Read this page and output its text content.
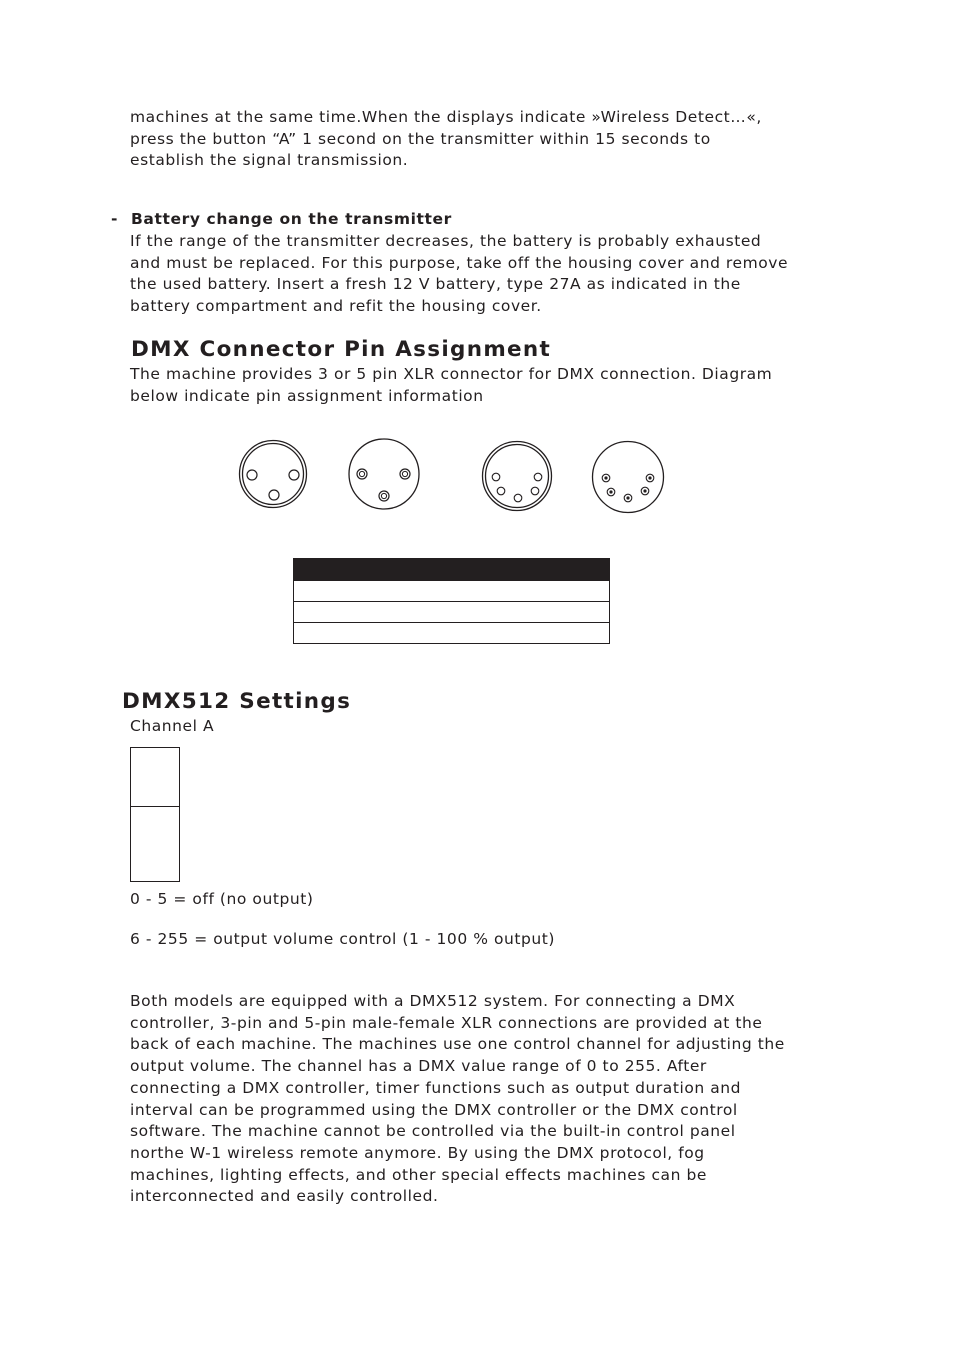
machines at the same time.When the displays indicate »Wireless Detect…«,
press the button “A” 1 second on the transmitter within 15 seconds to
establish the signal transmission.

- Battery change on the transmitter

If the range of the transmitter decreases, the battery is probably exhausted
and must be replaced. For this purpose, take off the housing cover and remove
the used battery. Insert a fresh 12 V battery, type 27A as indicated in the
battery compartment and refit the housing cover.

DMX Connector Pin Assignment

The machine provides 3 or 5 pin XLR connector for DMX connection. Diagram
below indicate pin assignment information

DMX512 Settings

Channel A

0 - 5 = off (no output)

6 - 255 = output volume control (1 - 100 % output)

Both models are equipped with a DMX512 system. For connecting a DMX
controller, 3-pin and 5-pin male-female XLR connections are provided at the
back of each machine. The machines use one control channel for adjusting the
output volume. The channel has a DMX value range of 0 to 255. After
connecting a DMX controller, timer functions such as output duration and
interval can be programmed using the DMX controller or the DMX control
software. The machine cannot be controlled via the built-in control panel
northe W-1 wireless remote anymore. By using the DMX protocol, fog
machines, lighting effects, and other special effects machines can be
interconnected and easily controlled.
